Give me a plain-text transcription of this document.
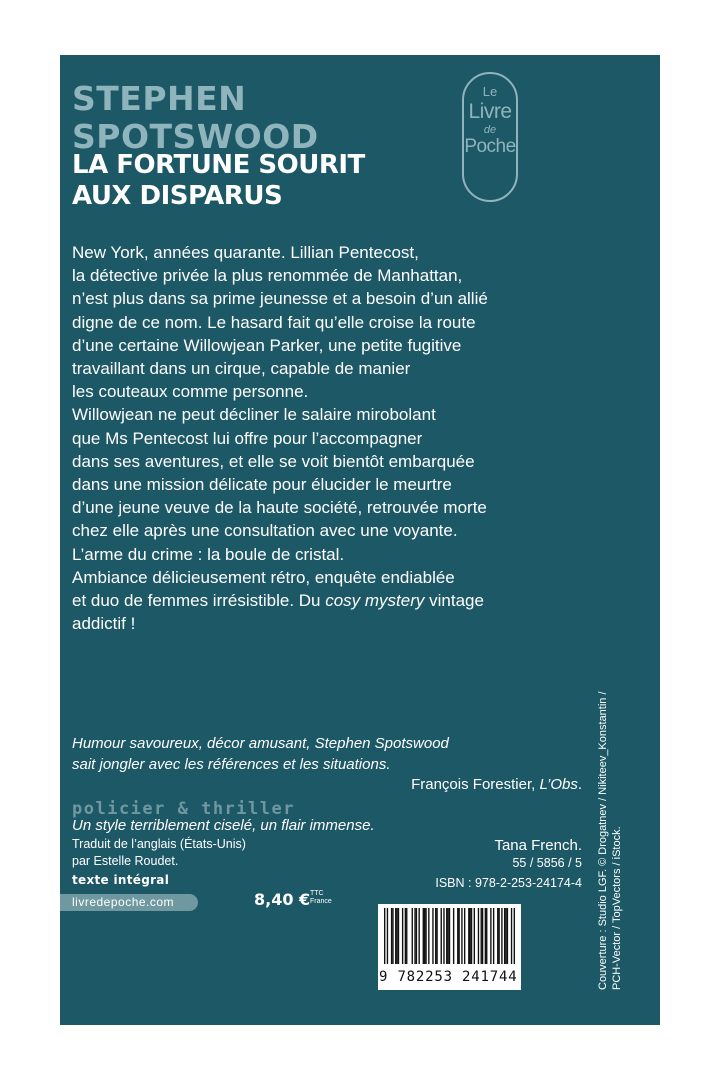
STEPHEN
SPOTSWOOD
LA FORTUNE SOURIT
AUX DISPARUS
Le
Livre
de
Poche

New York, années quarante. Lillian Pentecost,

la détective privée la plus renommée de Manhattan,

n’est plus dans sa prime jeunesse et a besoin d’un allié

digne de ce nom. Le hasard fait qu’elle croise la route

d’une certaine Willowjean Parker, une petite fugitive

travaillant dans un cirque, capable de manier

les couteaux comme personne.

Willowjean ne peut décliner le salaire mirobolant

que Ms Pentecost lui offre pour l’accompagner

dans ses aventures, et elle se voit bientôt embarquée

dans une mission délicate pour élucider le meurtre

d’une jeune veuve de la haute société, retrouvée morte

chez elle après une consultation avec une voyante.

L’arme du crime : la boule de cristal.

Ambiance délicieusement rétro, enquête endiablée

et duo de femmes irrésistible. Du cosy mystery vintage

addictif !

Humour savoureux, décor amusant, Stephen Spotswood

sait jongler avec les références et les situations.

François Forestier, L’Obs.

Un style terriblement ciselé, un flair immense.

Tana French.
policier & thriller

Traduit de l’anglais (États-Unis)

par Estelle Roudet.

texte intégral
livredepoche.com	8,40 € TTC
France

55 / 5856 / 5

ISBN : 978-2-253-24174-4

9 782253 241744	Couverture : Studio LGF. © Drogatnev / Nikiteev_Konstantin / PCH-Vector / TopVectors / iStock.
